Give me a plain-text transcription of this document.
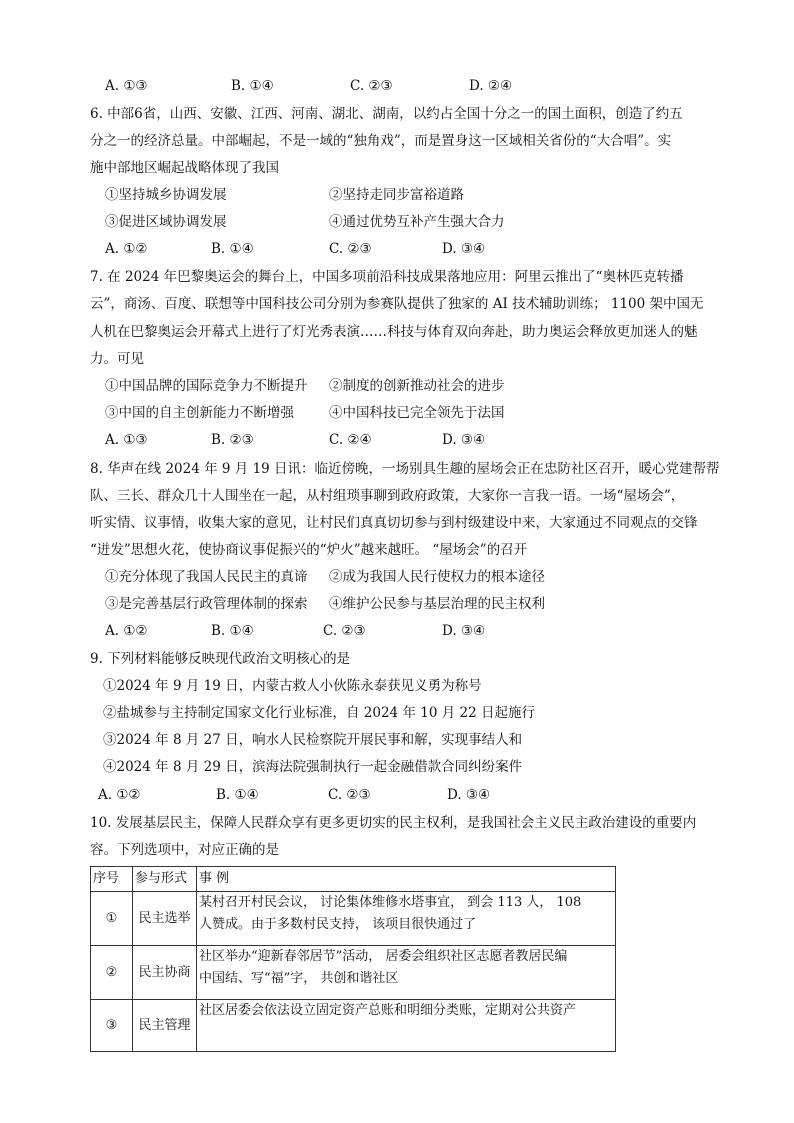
A. ①③	B. ①④	C. ②③	D. ②④
6. 中部6省，山西、安徽、江西、河南、湖北、湖南，以约占全国十分之一的国土面积，创造了约五
分之一的经济总量。中部崛起，不是一域的“独角戏”，而是置身这一区域相关省份的“大合唱”。实
施中部地区崛起战略体现了我国
①坚持城乡协调发展	②坚持走同步富裕道路
③促进区域协调发展	④通过优势互补产生强大合力
A. ①②	B. ①④	C. ②③	D. ③④
7. 在 2024 年巴黎奥运会的舞台上，中国多项前沿科技成果落地应用：阿里云推出了“奥林匹克转播
云”，商汤、百度、联想等中国科技公司分别为参赛队提供了独家的 AI 技术辅助训练； 1100 架中国无
人机在巴黎奥运会开幕式上进行了灯光秀表演……科技与体育双向奔赴，助力奥运会释放更加迷人的魅
力。可见
①中国品牌的国际竞争力不断提升 ②制度的创新推动社会的进步
③中国的自主创新能力不断增强	④中国科技已完全领先于法国
A. ①③	B. ②③	C. ②④	D. ③④
8. 华声在线 2024 年 9 月 19 日讯：临近傍晚，一场别具生趣的屋场会正在忠防社区召开，暖心党建帮帮
队、三长、群众几十人围坐在一起，从村组琐事聊到政府政策，大家你一言我一语。一场“屋场会”，
听实情、议事情，收集大家的意见，让村民们真真切切参与到村级建设中来，大家通过不同观点的交锋
“迸发”思想火花，使协商议事促振兴的“炉火”越来越旺。 “屋场会”的召开
①充分体现了我国人民民主的真谛 ②成为我国人民行使权力的根本途径
③是完善基层行政管理体制的探索 ④维护公民参与基层治理的民主权利
A. ①②	B. ①④	C. ②③	D. ③④
9. 下列材料能够反映现代政治文明核心的是
①2024 年 9 月 19 日，内蒙古救人小伙陈永泰获见义勇为称号
②盐城参与主持制定国家文化行业标准，自 2024 年 10 月 22 日起施行
③2024 年 8 月 27 日，响水人民检察院开展民事和解，实现事结人和
④2024 年 8 月 29 日，滨海法院强制执行一起金融借款合同纠纷案件
A. ①②	B. ①④	C. ②③	D. ③④
10. 发展基层民主，保障人民群众享有更多更切实的民主权利，是我国社会主义民主政治建设的重要内
容。下列选项中，对应正确的是
序号	参与形式	事 例
①	民主选举	某村召开村民会议， 讨论集体维修水塔事宜， 到会 113 人， 108
人赞成。由于多数村民支持， 该项目很快通过了

②	民主协商	社区举办“迎新春邻居节”活动， 居委会组织社区志愿者教居民编
中国结、写“福”字， 共创和谐社区

③	民主管理	社区居委会依法设立固定资产总账和明细分类账，定期对公共资产
